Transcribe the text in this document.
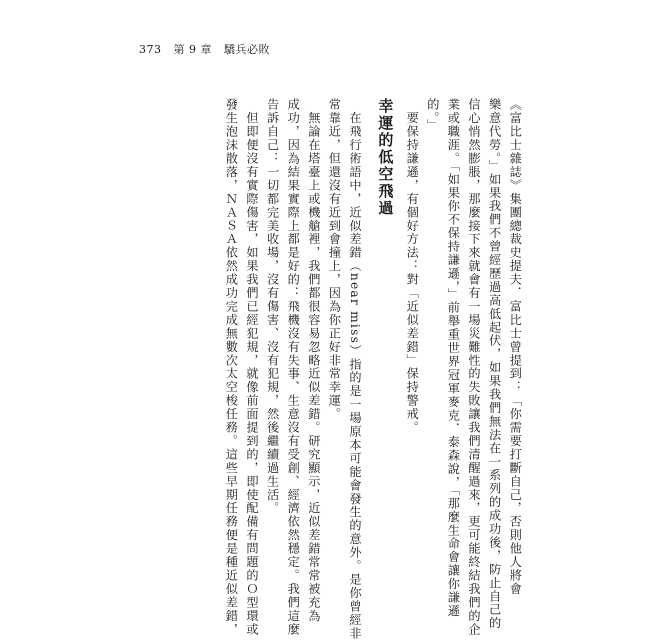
373 第 9 章 驕兵必敗
《富比士雜誌》集團總裁史提夫．富比士曾提到：「你需要打斷自己，否則他人將會
樂意代勞。」如果我們不曾經歷過高低起伏，如果我們無法在一系列的成功後，防止自己的
信心悄然膨脹，那麼接下來就會有一場災難性的失敗讓我們清醒過來，更可能終結我們的企
業或職涯。「如果你不保持謙遜，」前舉重世界冠軍麥克．泰森說，「那麼生命會讓你謙遜
的。」
　要保持謙遜，有個好方法：對「近似差錯」保持警戒。
幸運的低空飛過
　在飛行術語中，近似差錯（near miss）指的是一場原本可能會發生的意外。是你曾經非
常靠近，但還沒有近到會撞上，因為你正好非常幸運。
　無論在塔臺上或機艙裡，我們都很容易忽略近似差錯。研究顯示，近似差錯常常被充為
成功，因為結果實際上都是好的：飛機沒有失事、生意沒有受創、經濟依然穩定。我們這麼
告訴自己：一切都完美收場，沒有傷害、沒有犯規，然後繼續過生活。
　但即便沒有實際傷害，如果我們已經犯規，就像前面提到的，即使配備有問題的Ｏ型環或
發生泡沫散落，ＮＡＳＡ依然成功完成無數次太空梭任務。這些早期任務便是種近似差錯，
